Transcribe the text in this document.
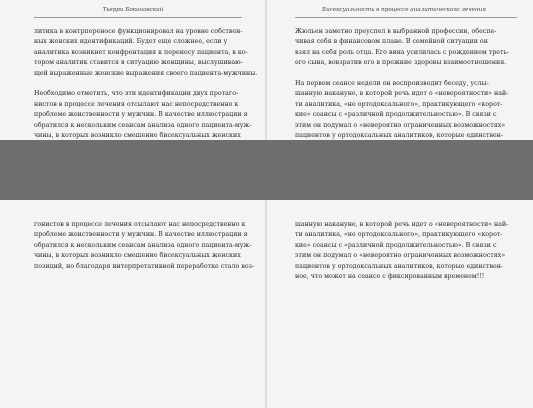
Тьерри Бокановский

литика в контрпереносе функционировал на уровне собствен-
ных женских идентификаций. Будет еще сложнее, если у
аналитика возникнет конфронтация к переносу пациента, в ко-
тором аналитик ставится в ситуацию женщины, выслушиваю-
щей выраженные женские выражения своего пациента-мужчины.
Необходимо отметить, что эти идентификации двух протаго-
нистов в процессе лечения отсылают нас непосредственно к
проблеме женственности у мужчин. В качестве иллюстрации я
обратился к нескольким сеансам анализа одного пациента-муж-
чины, в которых возникло смешение бисексуальных женских
гонистов в процессе лечения отсылают нас непосредственно к
проблеме женственности у мужчин. В качестве иллюстрации я
обратился к нескольким сеансам анализа одного пациента-муж-
чины, в которых возникло смешение бисексуальных женских
позиций, но благодаря интерпретативной переработке стало воз-

Бисексуальность в процессе аналитического лечения

Жюльен заметно преуспел в выбранной профессии, обеспе-
чивая себя в финансовом плане. В семейной ситуации он
взял на себя роль отца. Его вина усилилась с рождением треть-
его сына, вовзратив его в прежние здоровы взаимоотношения.
На первом сеансе недели он воспроизводит беседу, услы-
шанную накануне, в которой речь идет о «невероятности» най-
ти аналитика, «не ортодоксального», практикующего «корот-
кие» сеансы с «различной продолжительностью». В связи с
этим он подумал о «невероятно ограниченных возможностях»
пациентов у ортодоксальных аналитиков, которые единствен-
шанную накануне, в которой речь идет о «невероятности» най-
ти аналитика, «не ортодоксального», практикующего «корот-
кие» сеансы с «различной продолжительностью». В связи с
этим он подумал о «невероятно ограниченных возможностях»
пациентов у ортодоксальных аналитиков, которые единствен-
ное, что может на сеансе с фиксированным временем!!!
